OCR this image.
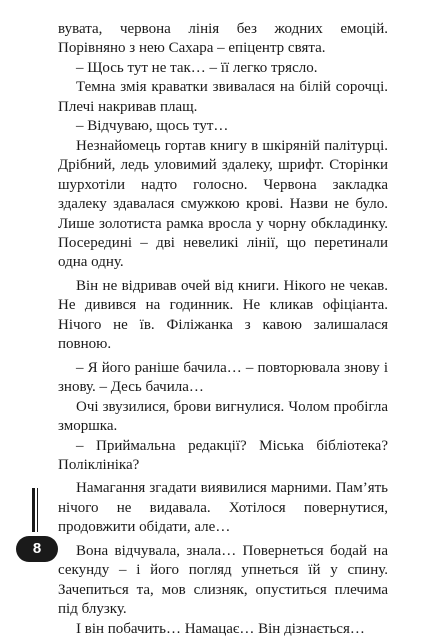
вувата, червона лінія без жодних емоцій. Порівняно з нею Сахара – епіцентр свята.

– Щось тут не так… – її легко трясло.

Темна змія краватки звивалася на білій сорочці. Плечі накривав плащ.

– Відчуваю, щось тут…

Незнайомець гортав книгу в шкіряній палітурці. Дрібний, ледь уловимий здалеку, шрифт. Сторінки шурхотіли надто голосно. Червона закладка здалеку здавалася смужкою крові. Назви не було. Лише золотиста рамка вросла у чорну обкладинку. Посередині – дві невеликі лінії, що перетинали одна одну.

Він не відривав очей від книги. Нікого не чекав. Не дивився на годинник. Не кликав офіціанта. Нічого не їв. Філіжанка з кавою залишалася повною.

– Я його раніше бачила… – повторювала знову і знову. – Десь бачила…

Очі звузилися, брови вигнулися. Чолом пробігла зморшка.

– Приймальна редакції? Міська бібліотека? Поліклініка?

Намагання згадати виявилися марними. Пам’ять нічого не видавала. Хотілося повернутися, продовжити обідати, але…

Вона відчувала, знала… Повернеться бодай на секунду – і його погляд упнеться їй у спину. Зачепиться та, мов слизняк, опуститься плечима під блузку.

І він побачить… Намацає… Він дізнається…

8
